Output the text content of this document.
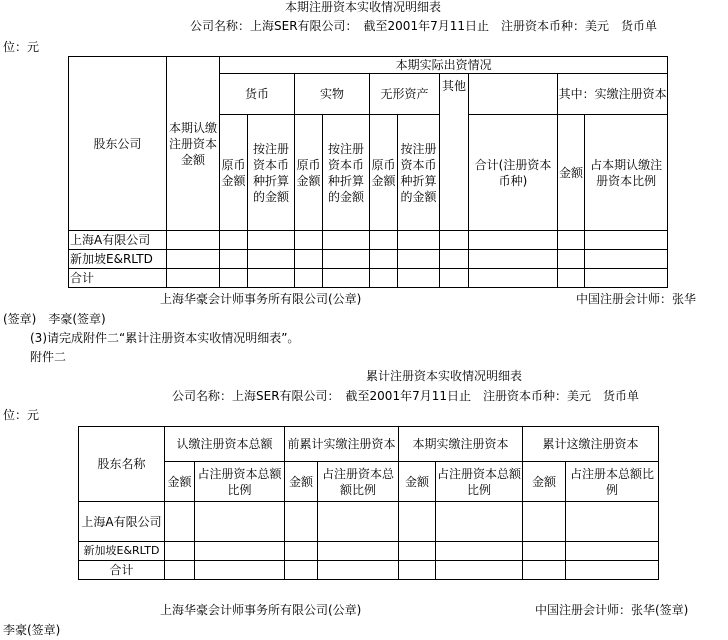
本期注册资本实收情况明细表
公司名称：上海SER有限公司：　截至2001年7月11日止　注册资本币种：美元　货币单
位：元
股东公司	本期认缴注册资本金额	本期实际出资情况									
		货币		实物		无形资产		其他		其中：实缴注册资本	
		原币金额	按注册资本币种折算的金额	原币金额	按注册资本币种折算的金额	原币金额	按注册资本币种折算的金额		合计(注册资本币种)	金额	占本期认缴注册资本比例
上海A有限公司											
新加坡E&RLTD											
合计											
上海华豪会计师事务所有限公司(公章)	中国注册会计师：张华
(签章)　李豪(签章)
(3)请完成附件二“累计注册资本实收情况明细表”。
附件二
累计注册资本实收情况明细表
公司名称：上海SER有限公司：　截至2001年7月11日止　注册资本币种：美元　货币单
位：元
股东名称	认缴注册资本总额		前累计实缴注册资本		本期实缴注册资本		累计这缴注册资本	
	金额	占注册资本总额比例	金额	占注册资本总额比例	金额	占注册资本总额比例	金额	占注册本总额比例
上海A有限公司								
新加坡E&RLTD								
合计								
上海华豪会计师事务所有限公司(公章)	中国注册会计师：张华(签章)
李豪(签章)
